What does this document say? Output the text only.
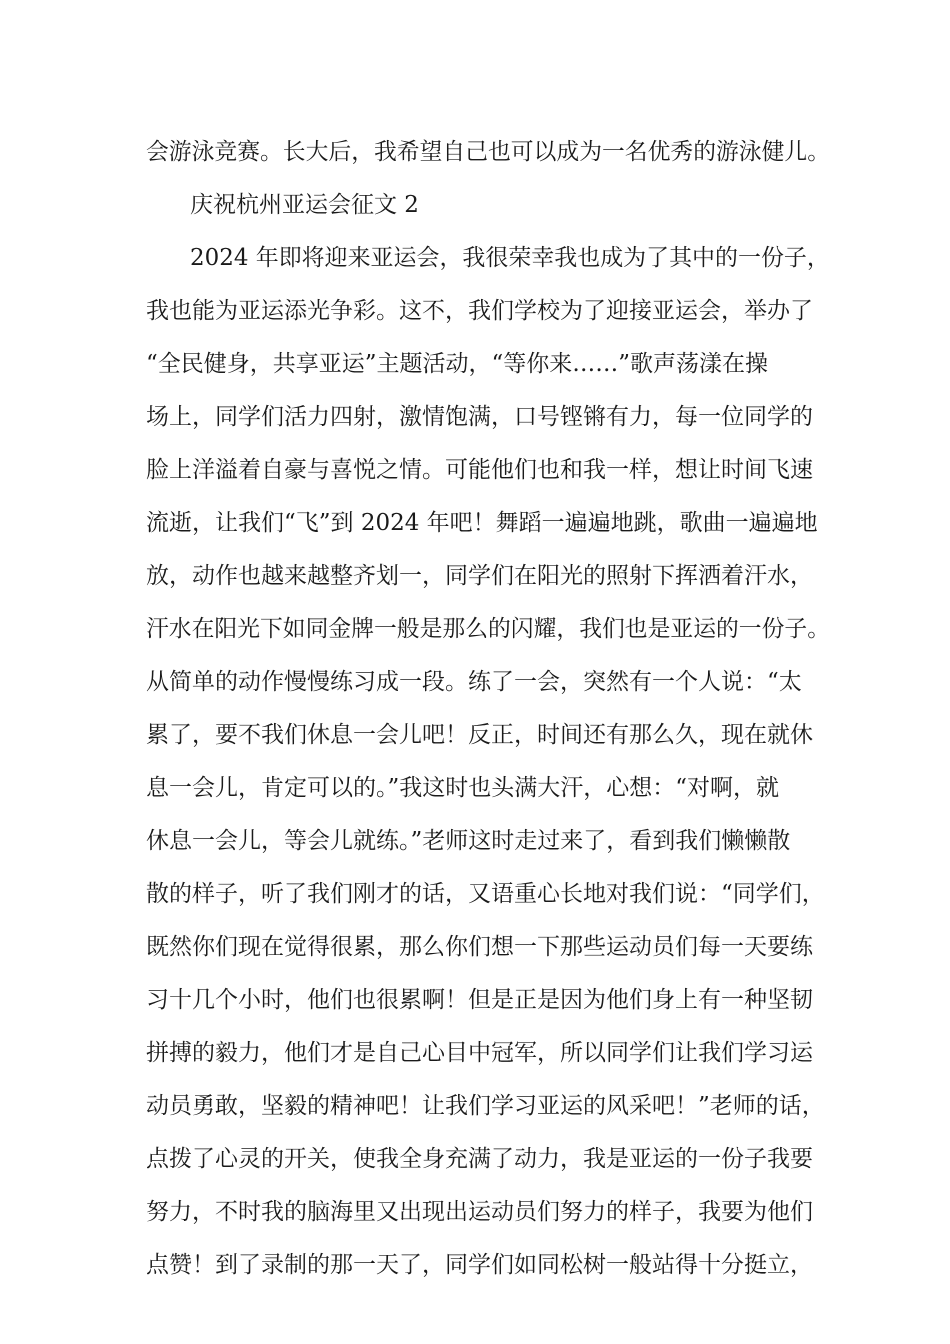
会游泳竞赛。长大后，我希望自己也可以成为一名优秀的游泳健儿。
庆祝杭州亚运会征文 2
2024 年即将迎来亚运会，我很荣幸我也成为了其中的一份子，
我也能为亚运添光争彩。这不，我们学校为了迎接亚运会，举办了
“全民健身，共享亚运”主题活动，“等你来……”歌声荡漾在操
场上，同学们活力四射，激情饱满，口号铿锵有力，每一位同学的
脸上洋溢着自豪与喜悦之情。可能他们也和我一样，想让时间飞速
流逝，让我们“飞”到 2024 年吧！舞蹈一遍遍地跳，歌曲一遍遍地
放，动作也越来越整齐划一，同学们在阳光的照射下挥洒着汗水，
汗水在阳光下如同金牌一般是那么的闪耀，我们也是亚运的一份子。
从简单的动作慢慢练习成一段。练了一会，突然有一个人说：“太
累了，要不我们休息一会儿吧！反正，时间还有那么久，现在就休
息一会儿，肯定可以的。”我这时也头满大汗，心想：“对啊，就
休息一会儿，等会儿就练。”老师这时走过来了，看到我们懒懒散
散的样子，听了我们刚才的话，又语重心长地对我们说：“同学们，
既然你们现在觉得很累，那么你们想一下那些运动员们每一天要练
习十几个小时，他们也很累啊！但是正是因为他们身上有一种坚韧
拼搏的毅力，他们才是自己心目中冠军，所以同学们让我们学习运
动员勇敢，坚毅的精神吧！让我们学习亚运的风采吧！”老师的话，
点拨了心灵的开关，使我全身充满了动力，我是亚运的一份子我要
努力，不时我的脑海里又出现出运动员们努力的样子，我要为他们
点赞！到了录制的那一天了，同学们如同松树一般站得十分挺立，
